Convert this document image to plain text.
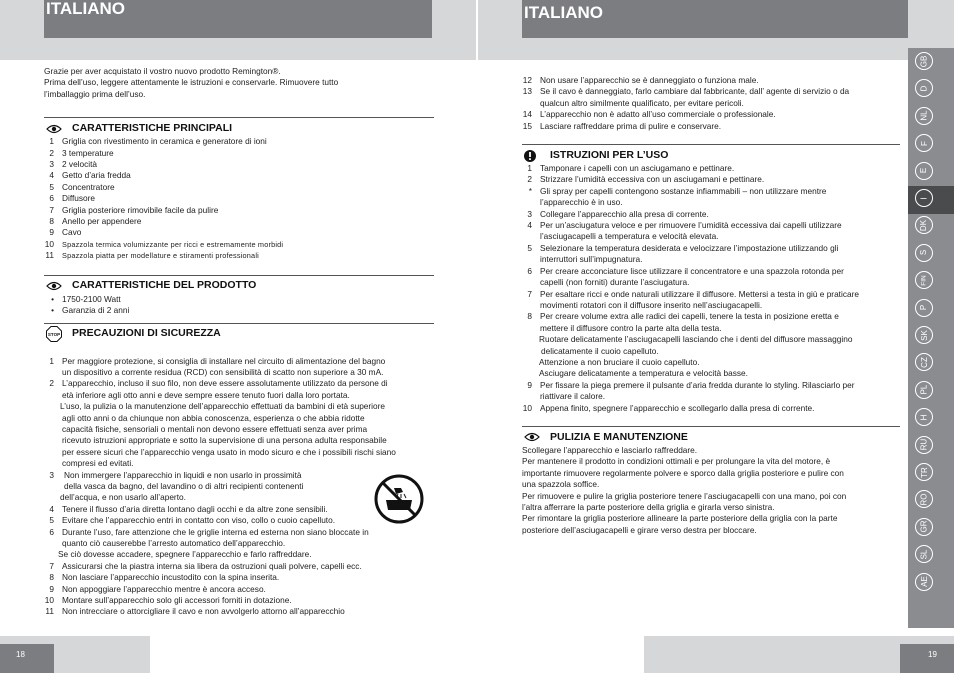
ITALIANO	ITALIANO
Grazie per aver acquistato il vostro nuovo prodotto Remington®.
Prima dell’uso, leggere attentamente le istruzioni e conservarle. Rimuovere tutto
l’imballaggio prima dell’uso.
CARATTERISTICHE PRINCIPALI
1 Griglia con rivestimento in ceramica e generatore di ioni
2 3 temperature
3 2 velocità
4 Getto d’aria fredda
5 Concentratore
6 Diffusore
7 Griglia posteriore rimovibile facile da pulire
8 Anello per appendere
9 Cavo
10	Spazzola termica volumizzante per ricci e estremamente morbidi
11	Spazzola piatta per modellature e stiramenti professionali
CARATTERISTICHE DEL PRODOTTO
• 1750-2100 Watt
• Garanzia di 2 anni
STOP PRECAUZIONI DI SICUREZZA
1 Per maggiore protezione, si consiglia di installare nel circuito di alimentazione del bagno
un dispositivo a corrente residua (RCD) con sensibilità di scatto non superiore a 30 mA.
2 L’apparecchio, incluso il suo filo, non deve essere assolutamente utilizzato da persone di
età inferiore agli otto anni e deve sempre essere tenuto fuori dalla loro portata.
L’uso, la pulizia o la manutenzione dell’apparecchio effettuati da bambini di età superiore
agli otto anni o da chiunque non abbia conoscenza, esperienza o che abbia ridotte
capacità fisiche, sensoriali o mentali non devono essere effettuati senza aver prima
ricevuto istruzioni appropriate e sotto la supervisione di una persona adulta responsabile
per essere sicuri che l’apparecchio venga usato in modo sicuro e che i possibili rischi siano
compresi ed evitati.
3	Non immergere l’apparecchio in liquidi e non usarlo in prossimità
della vasca da bagno, del lavandino o di altri recipienti contenenti
dell’acqua, e non usarlo all’aperto.
4 Tenere il flusso d’aria diretta lontano dagli occhi e da altre zone sensibili.
5 Evitare che l’apparecchio entri in contatto con viso, collo o cuoio capelluto.
6 Durante l’uso, fare attenzione che le griglie interna ed esterna non siano bloccate in
quanto ciò causerebbe l’arresto automatico dell’apparecchio.
Se ciò dovesse accadere, spegnere l’apparecchio e farlo raffreddare.
7 Assicurarsi che la piastra interna sia libera da ostruzioni quali polvere, capelli ecc.
8 Non lasciare l’apparecchio incustodito con la spina inserita.
9 Non appoggiare l’apparecchio mentre è ancora acceso.
10 Montare sull’apparecchio solo gli accessori forniti in dotazione.
11 Non intrecciare o attorcigliare il cavo e non avvolgerlo attorno all’apparecchio
12 Non usare l’apparecchio se è danneggiato o funziona male.
13 Se il cavo è danneggiato, farlo cambiare dal fabbricante, dall’ agente di servizio o da
qualcun altro similmente qualificato, per evitare pericoli.
14 L’apparecchio non è adatto all’uso commerciale o professionale.
15 Lasciare raffreddare prima di pulire e conservare.
ISTRUZIONI PER L’USO
1 Tamponare i capelli con un asciugamano e pettinare.
2 Strizzare l’umidità eccessiva con un asciugamani e pettinare.
* Gli spray per capelli contengono sostanze infiammabili – non utilizzare mentre
l’apparecchio è in uso.
3 Collegare l’apparecchio alla presa di corrente.
4 Per un’asciugatura veloce e per rimuovere l’umidità eccessiva dai capelli utilizzare
l’asciugacapelli a temperatura e velocità elevata.
5 Selezionare la temperatura desiderata e velocizzare l’impostazione utilizzando gli
interruttori sull’impugnatura.
6 Per creare acconciature lisce utilizzare il concentratore e una spazzola rotonda per
capelli (non forniti) durante l’asciugatura.
7 Per esaltare ricci e onde naturali utilizzare il diffusore. Mettersi a testa in giù e praticare
movimenti rotatori con il diffusore inserito nell’asciugacapelli.
8 Per creare volume extra alle radici dei capelli, tenere la testa in posizione eretta e
mettere il diffusore contro la parte alta della testa.
Ruotare delicatamente l’asciugacapelli lasciando che i denti del diffusore massaggino
delicatamente il cuoio capelluto.
Attenzione a non bruciare il cuoio capelluto.
Asciugare delicatamente a temperatura e velocità basse.
9 Per fissare la piega premere il pulsante d’aria fredda durante lo styling. Rilasciarlo per
riattivare il calore.
10 Appena finito, spegnere l’apparecchio e scollegarlo dalla presa di corrente.
PULIZIA E MANUTENZIONE
Scollegare l’apparecchio e lasciarlo raffreddare.
Per mantenere il prodotto in condizioni ottimali e per prolungare la vita del motore, è
importante rimuovere regolarmente polvere e sporco dalla griglia posteriore e pulire con
una spazzola soffice.
Per rimuovere e pulire la griglia posteriore tenere l’asciugacapelli con una mano, poi con
l’altra afferrare la parte posteriore della griglia e girarla verso sinistra.
Per rimontare la griglia posteriore allineare la parte posteriore della griglia con la parte
posteriore dell’asciugacapelli e girare verso destra per bloccare.
GB
D
NL
F
E
I
DK
S
FIN
P
SK
CZ
PL
H
RU
TR
RO
GR
SL
AE
18	19
